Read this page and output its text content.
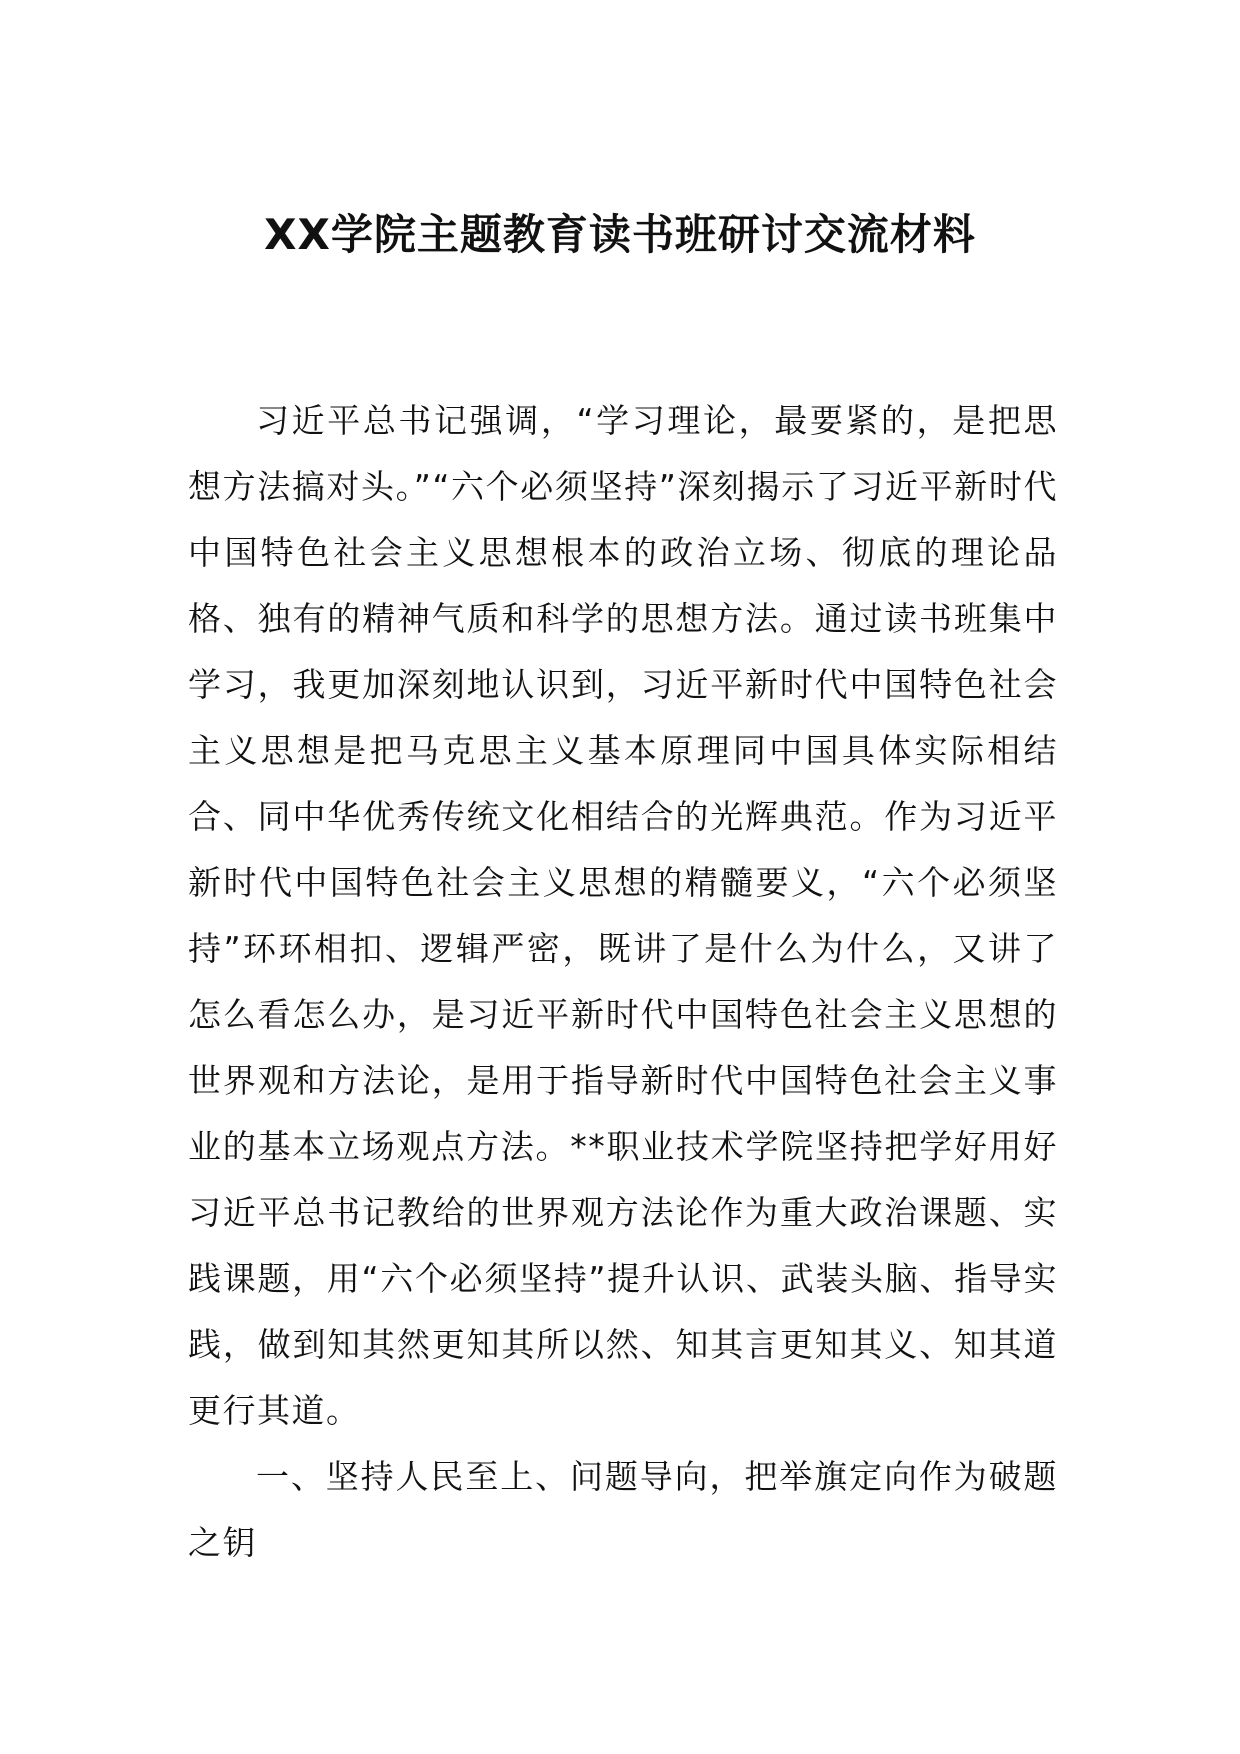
XX学院主题教育读书班研讨交流材料

习近平总书记强调，“学习理论，最要紧的，是把思想方法搞对头。”“六个必须坚持”深刻揭示了习近平新时代中国特色社会主义思想根本的政治立场、彻底的理论品格、独有的精神气质和科学的思想方法。通过读书班集中学习，我更加深刻地认识到，习近平新时代中国特色社会主义思想是把马克思主义基本原理同中国具体实际相结合、同中华优秀传统文化相结合的光辉典范。作为习近平新时代中国特色社会主义思想的精髓要义，“六个必须坚持”环环相扣、逻辑严密，既讲了是什么为什么，又讲了怎么看怎么办，是习近平新时代中国特色社会主义思想的世界观和方法论，是用于指导新时代中国特色社会主义事业的基本立场观点方法。**职业技术学院坚持把学好用好习近平总书记教给的世界观方法论作为重大政治课题、实践课题，用“六个必须坚持”提升认识、武装头脑、指导实践，做到知其然更知其所以然、知其言更知其义、知其道更行其道。

一、坚持人民至上、问题导向，把举旗定向作为破题之钥
